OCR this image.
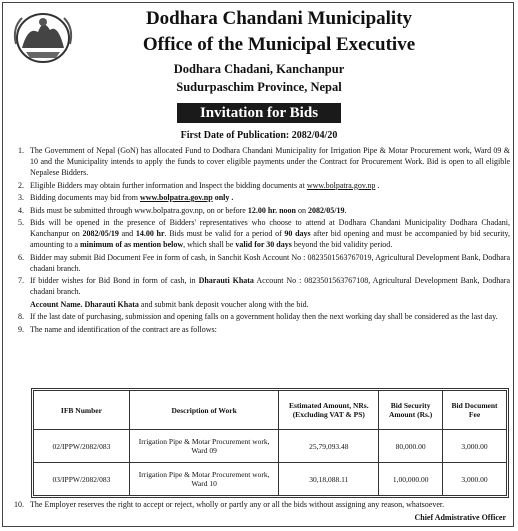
Dodhara Chandani Municipality
Office of the Municipal Executive
Dodhara Chadani, Kanchanpur
Sudurpaschim Province, Nepal
Invitation for Bids
First Date of Publication: 2082/04/20
1. The Government of Nepal (GoN) has allocated Fund to Dodhara Chandani Municipality for Irrigation Pipe & Motar Procurement work, Ward 09 & 10 and the Municipality intends to apply the funds to cover eligible payments under the Contract for Procurement Work. Bid is open to all eligible Nepalese Bidders.
2. Eligible Bidders may obtain further information and Inspect the bidding documents at www.bolpatra.gov.np .
3. Bidding documents may bid from www.bolpatra.gov.np only .
4. Bids must be submitted through www.bolpatra.gov.np, on or before 12.00 hr. noon on 2082/05/19.
5. Bids will be opened in the presence of Bidders' representatives who choose to attend at Dodhara Chandani Municipality Dodhara Chadani, Kanchanpur on 2082/05/19 and 14.00 hr. Bids must be valid for a period of 90 days after bid opening and must be accompanied by bid security, amounting to a minimum of as mention below, which shall be valid for 30 days beyond the bid validity period.
6. Bidder may submit Bid Document Fee in form of cash, in Sanchit Kosh Account No : 0823501563767019, Agricultural Development Bank, Dodhara chadani branch.
7. If bidder wishes for Bid Bond in form of cash, in Dharauti Khata Account No : 0823501563767108, Agricultural Development Bank, Dodhara chadani branch.
Account Name. Dharauti Khata and submit bank deposit voucher along with the bid.
8. If the last date of purchasing, submission and opening falls on a government holiday then the next working day shall be considered as the last day.
9. The name and identification of the contract are as follows:
IFB Number	Description of Work	Estimated Amount, NRs. (Excluding VAT & PS)	Bid Security Amount (Rs.)	Bid Document Fee
02/IPPW/2082/083	Irrigation Pipe & Motar Procurement work, Ward 09	25,79,093.48	80,000.00	3,000.00
03/IPPW/2082/083	Irrigation Pipe & Motar Procurement work, Ward 10	30,18,088.11	1,00,000.00	3,000.00
10. The Employer reserves the right to accept or reject, wholly or partly any or all the bids without assigning any reason, whatsoever.
Chief Admistrative Officer
